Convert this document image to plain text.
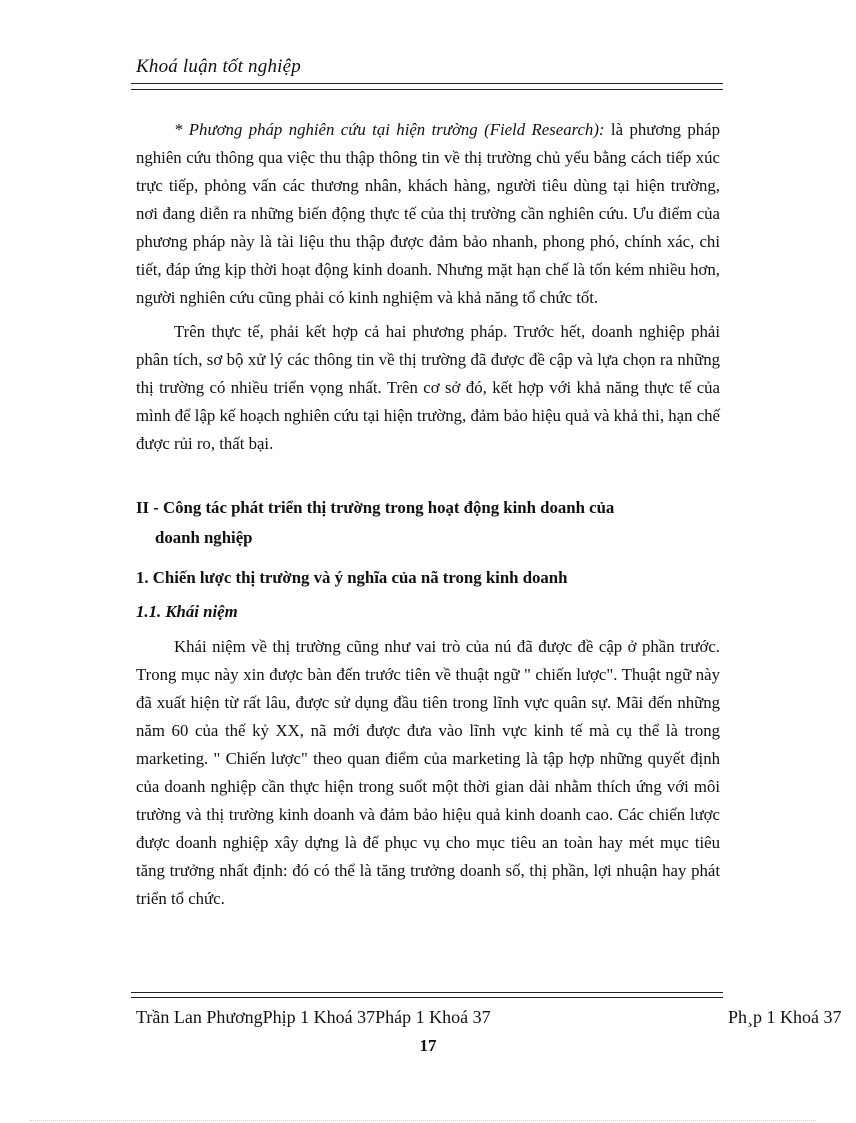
Khoá luận tốt nghiệp

* Phương pháp nghiên cứu tại hiện trường (Field Research): là phương pháp nghiên cứu thông qua việc thu thập thông tin về thị trường chủ yếu bằng cách tiếp xúc trực tiếp, phỏng vấn các thương nhân, khách hàng, người tiêu dùng tại hiện trường, nơi đang diễn ra những biến động thực tế của thị trường cần nghiên cứu. Ưu điểm của phương pháp này là tài liệu thu thập được đảm bảo nhanh, phong phó, chính xác, chi tiết, đáp ứng kịp thời hoạt động kinh doanh. Nhưng mặt hạn chế là tốn kém nhiều hơn, người nghiên cứu cũng phải có kinh nghiệm và khả năng tổ chức tốt.

Trên thực tế, phải kết hợp cả hai phương pháp. Trước hết, doanh nghiệp phải phân tích, sơ bộ xử lý các thông tin về thị trường đã được đề cập và lựa chọn ra những thị trường có nhiều triển vọng nhất. Trên cơ sở đó, kết hợp với khả năng thực tế của mình để lập kế hoạch nghiên cứu tại hiện trường, đảm bảo hiệu quả và khả thi, hạn chế được rủi ro, thất bại.

II - Công tác phát triển thị trường trong hoạt động kinh doanh của
doanh nghiệp
1. Chiến lược thị trường và ý nghĩa của nã trong kinh doanh
1.1. Khái niệm

Khái niệm về thị trường cũng như vai trò của nú đã được đề cập ở phần trước. Trong mục này xin được bàn đến trước tiên về thuật ngữ " chiến lược". Thuật ngữ này đã xuất hiện từ rất lâu, được sử dụng đầu tiên trong lĩnh vực quân sự. Mãi đến những năm 60 của thế kỷ XX, nã mới được đưa vào lĩnh vực kinh tế mà cụ thể là trong marketing. " Chiến lược" theo quan điểm của marketing là tập hợp những quyết định của doanh nghiệp cần thực hiện trong suốt một thời gian dài nhằm thích ứng với môi trường và thị trường kinh doanh và đảm bảo hiệu quả kinh doanh cao. Các chiến lược được doanh nghiệp xây dựng là để phục vụ cho mục tiêu an toàn hay mét mục tiêu tăng trưởng nhất định: đó có thể là tăng trưởng doanh số, thị phần, lợi nhuận hay phát triển tổ chức.

Trần Lan PhươngPhịp 1 Khoá 37Pháp 1 Khoá 37	Ph¸p 1 Khoá 37
17
